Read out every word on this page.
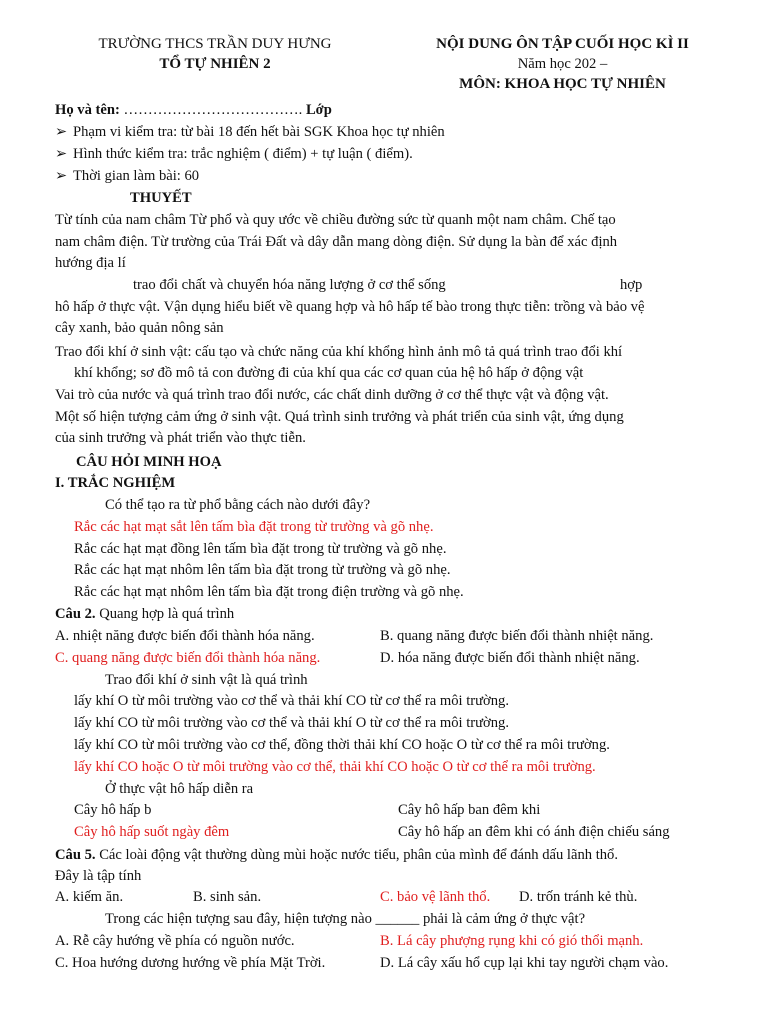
TRƯỜNG THCS TRẦN DUY HƯNG
TỔ TỰ NHIÊN 2
NỘI DUNG ÔN TẬP CUỐI HỌC KÌ II
Năm học 202 –
MÔN: KHOA HỌC TỰ NHIÊN
Họ và tên: ………………………………. Lớp
➢ Phạm vi kiểm tra: từ bài 18 đến hết bài SGK Khoa học tự nhiên
➢ Hình thức kiểm tra: trắc nghiệm ( điểm) + tự luận ( điểm).
➢ Thời gian làm bài: 60
THUYẾT
Từ tính của nam châm Từ phổ và quy ước về chiều đường sức từ quanh một nam châm. Chế tạo
nam châm điện. Từ trường của Trái Đất và dây dẫn mang dòng điện. Sử dụng la bàn để xác định
hướng địa lí
trao đổi chất và chuyển hóa năng lượng ở cơ thể sống	hợp
hô hấp ở thực vật. Vận dụng hiểu biết về quang hợp và hô hấp tế bào trong thực tiễn: trồng và bảo vệ
cây xanh, bảo quản nông sản
Trao đổi khí ở sinh vật: cấu tạo và chức năng của khí khổng hình ảnh mô tả quá trình trao đổi khí
khí khổng; sơ đồ mô tả con đường đi của khí qua các cơ quan của hệ hô hấp ở động vật
Vai trò của nước và quá trình trao đổi nước, các chất dinh dưỡng ở cơ thể thực vật và động vật.
Một số hiện tượng cảm ứng ở sinh vật. Quá trình sinh trưởng và phát triển của sinh vật, ứng dụng
của sinh trưởng và phát triển vào thực tiễn.
CÂU HỎI MINH HOẠ
I. TRẮC NGHIỆM
Có thể tạo ra từ phổ bằng cách nào dưới đây?
Rắc các hạt mạt sắt lên tấm bìa đặt trong từ trường và gõ nhẹ.
Rắc các hạt mạt đồng lên tấm bìa đặt trong từ trường và gõ nhẹ.
Rắc các hạt mạt nhôm lên tấm bìa đặt trong từ trường và gõ nhẹ.
Rắc các hạt mạt nhôm lên tấm bìa đặt trong điện trường và gõ nhẹ.
Câu 2. Quang hợp là quá trình
A. nhiệt năng được biến đổi thành hóa năng.	B. quang năng được biến đổi thành nhiệt năng.
C. quang năng được biến đổi thành hóa năng.	D. hóa năng được biến đổi thành nhiệt năng.
Trao đổi khí ở sinh vật là quá trình
lấy khí O từ môi trường vào cơ thể và thải khí CO từ cơ thể ra môi trường.
lấy khí CO từ môi trường vào cơ thể và thải khí O từ cơ thể ra môi trường.
lấy khí CO từ môi trường vào cơ thể, đồng thời thải khí CO hoặc O từ cơ thể ra môi trường.
lấy khí CO hoặc O từ môi trường vào cơ thể, thải khí CO hoặc O từ cơ thể ra môi trường.
Ở thực vật hô hấp diễn ra
Cây hô hấp b	Cây hô hấp ban đêm khi
Cây hô hấp suốt ngày đêm	Cây hô hấp an đêm khi có ánh điện chiếu sáng
Câu 5. Các loài động vật thường dùng mùi hoặc nước tiểu, phân của mình để đánh dấu lãnh thổ.
Đây là tập tính
A. kiếm ăn.	B. sinh sản.	C. bảo vệ lãnh thổ. D. trốn tránh kẻ thù.
Trong các hiện tượng sau đây, hiện tượng nào ______ phải là cảm ứng ở thực vật?
A. Rễ cây hướng về phía có nguồn nước.	B. Lá cây phượng rụng khi có gió thổi mạnh.
C. Hoa hướng dương hướng về phía Mặt Trời.	D. Lá cây xấu hổ cụp lại khi tay người chạm vào.
